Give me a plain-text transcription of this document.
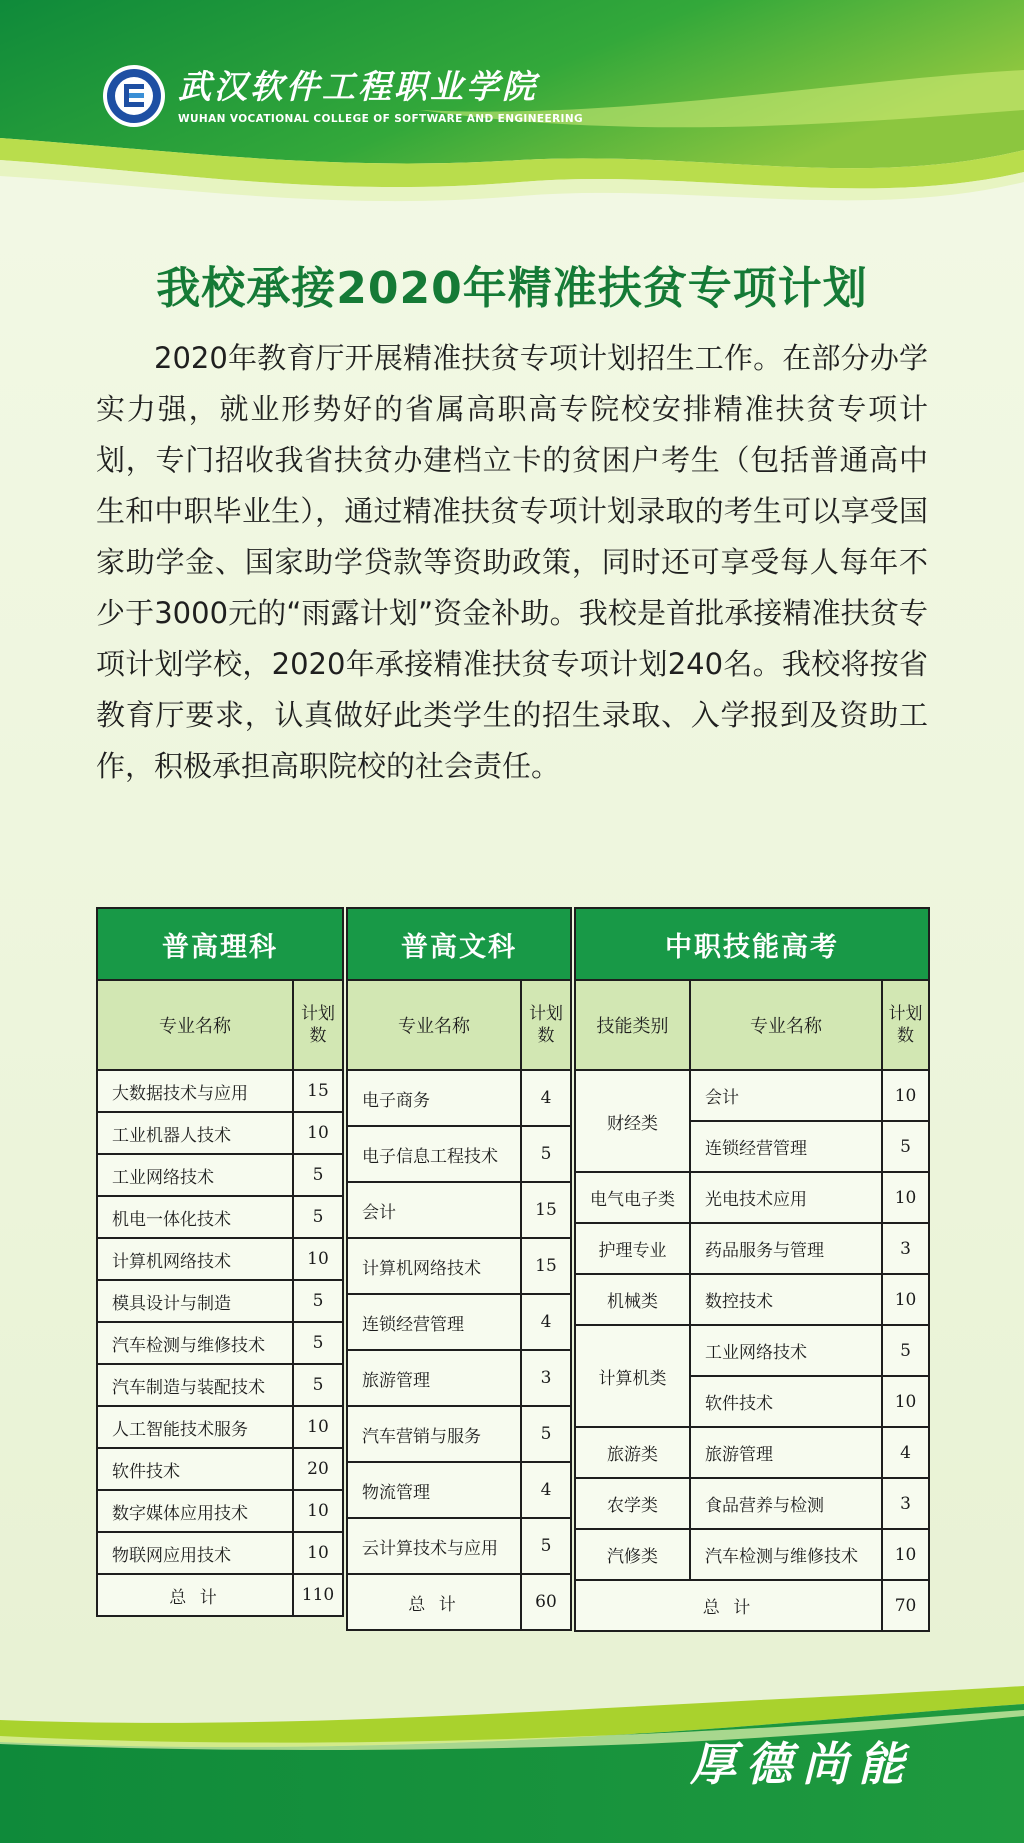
武汉软件工程职业学院
WUHAN VOCATIONAL COLLEGE OF SOFTWARE AND ENGINEERING
我校承接2020年精准扶贫专项计划

2020年教育厅开展精准扶贫专项计划招生工作。在部分办学实力强，就业形势好的省属高职高专院校安排精准扶贫专项计划，专门招收我省扶贫办建档立卡的贫困户考生（包括普通高中生和中职毕业生），通过精准扶贫专项计划录取的考生可以享受国家助学金、国家助学贷款等资助政策，同时还可享受每人每年不少于3000元的“雨露计划”资金补助。我校是首批承接精准扶贫专项计划学校，2020年承接精准扶贫专项计划240名。我校将按省教育厅要求，认真做好此类学生的招生录取、入学报到及资助工作，积极承担高职院校的社会责任。

普高理科	
专业名称	计划数
大数据技术与应用	15
工业机器人技术	10
工业网络技术	5
机电一体化技术	5
计算机网络技术	10
模具设计与制造	5
汽车检测与维修技术	5
汽车制造与装配技术	5
人工智能技术服务	10
软件技术	20
数字媒体应用技术	10
物联网应用技术	10
总 计	110
普高文科	
专业名称	计划数
电子商务	4
电子信息工程技术	5
会计	15
计算机网络技术	15
连锁经营管理	4
旅游管理	3
汽车营销与服务	5
物流管理	4
云计算技术与应用	5
总 计	60
中职技能高考		
技能类别	专业名称	计划数
财经类	会计	10
	连锁经营管理	5
电气电子类	光电技术应用	10
护理专业	药品服务与管理	3
机械类	数控技术	10
计算机类	工业网络技术	5
	软件技术	10
旅游类	旅游管理	4
农学类	食品营养与检测	3
汽修类	汽车检测与维修技术	10
总 计		70
厚德尚能
